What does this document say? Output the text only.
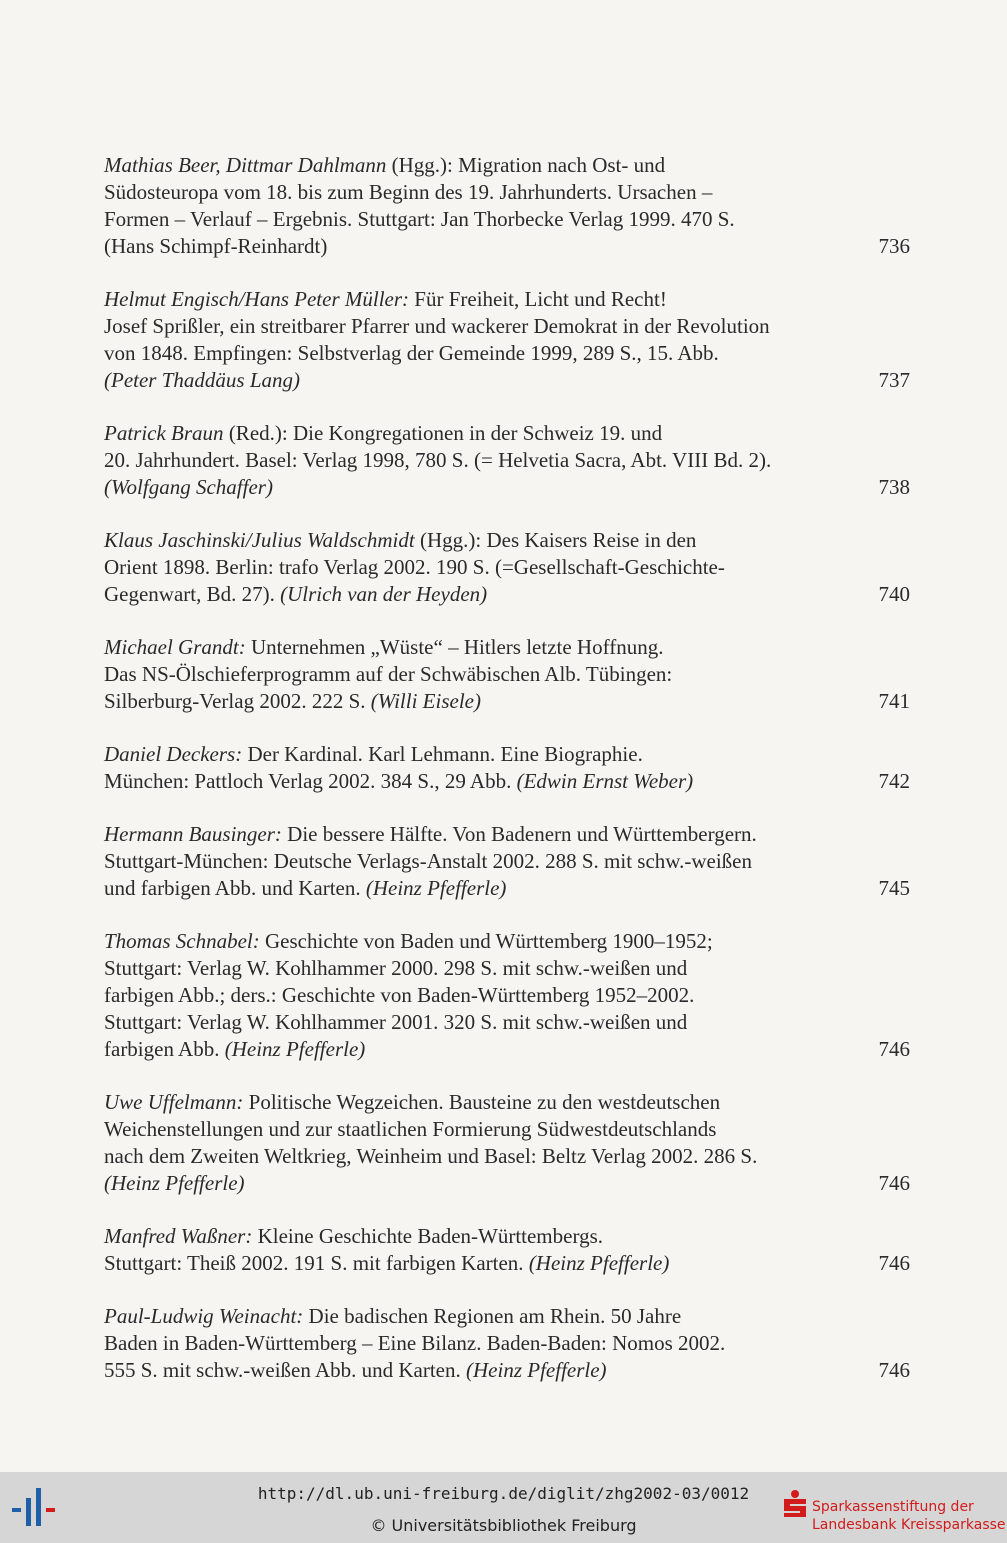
Mathias Beer, Dittmar Dahlmann (Hgg.): Migration nach Ost- und
Südosteuropa vom 18. bis zum Beginn des 19. Jahrhunderts. Ursachen –
Formen – Verlauf – Ergebnis. Stuttgart: Jan Thorbecke Verlag 1999. 470 S.
(Hans Schimpf-Reinhardt)	736
Helmut Engisch/Hans Peter Müller: Für Freiheit, Licht und Recht!
Josef Sprißler, ein streitbarer Pfarrer und wackerer Demokrat in der Revolution
von 1848. Empfingen: Selbstverlag der Gemeinde 1999, 289 S., 15. Abb.
(Peter Thaddäus Lang)	737
Patrick Braun (Red.): Die Kongregationen in der Schweiz 19. und
20. Jahrhundert. Basel: Verlag 1998, 780 S. (= Helvetia Sacra, Abt. VIII Bd. 2).
(Wolfgang Schaffer)	738
Klaus Jaschinski/Julius Waldschmidt (Hgg.): Des Kaisers Reise in den
Orient 1898. Berlin: trafo Verlag 2002. 190 S. (=Gesellschaft-Geschichte-
Gegenwart, Bd. 27). (Ulrich van der Heyden)	740
Michael Grandt: Unternehmen „Wüste“ – Hitlers letzte Hoffnung.
Das NS-Ölschieferprogramm auf der Schwäbischen Alb. Tübingen:
Silberburg-Verlag 2002. 222 S. (Willi Eisele)	741
Daniel Deckers: Der Kardinal. Karl Lehmann. Eine Biographie.
München: Pattloch Verlag 2002. 384 S., 29 Abb. (Edwin Ernst Weber)	742
Hermann Bausinger: Die bessere Hälfte. Von Badenern und Württembergern.
Stuttgart-München: Deutsche Verlags-Anstalt 2002. 288 S. mit schw.-weißen
und farbigen Abb. und Karten. (Heinz Pfefferle)	745
Thomas Schnabel: Geschichte von Baden und Württemberg 1900–1952;
Stuttgart: Verlag W. Kohlhammer 2000. 298 S. mit schw.-weißen und
farbigen Abb.; ders.: Geschichte von Baden-Württemberg 1952–2002.
Stuttgart: Verlag W. Kohlhammer 2001. 320 S. mit schw.-weißen und
farbigen Abb. (Heinz Pfefferle)	746
Uwe Uffelmann: Politische Wegzeichen. Bausteine zu den westdeutschen
Weichenstellungen und zur staatlichen Formierung Südwestdeutschlands
nach dem Zweiten Weltkrieg, Weinheim und Basel: Beltz Verlag 2002. 286 S.
(Heinz Pfefferle)	746
Manfred Waßner: Kleine Geschichte Baden-Württembergs.
Stuttgart: Theiß 2002. 191 S. mit farbigen Karten. (Heinz Pfefferle)	746
Paul-Ludwig Weinacht: Die badischen Regionen am Rhein. 50 Jahre
Baden in Baden-Württemberg – Eine Bilanz. Baden-Baden: Nomos 2002.
555 S. mit schw.-weißen Abb. und Karten. (Heinz Pfefferle)	746
http://dl.ub.uni-freiburg.de/diglit/zhg2002-03/0012
© Universitätsbibliothek Freiburg
Sparkassenstiftung der
Landesbank Kreissparkasse
